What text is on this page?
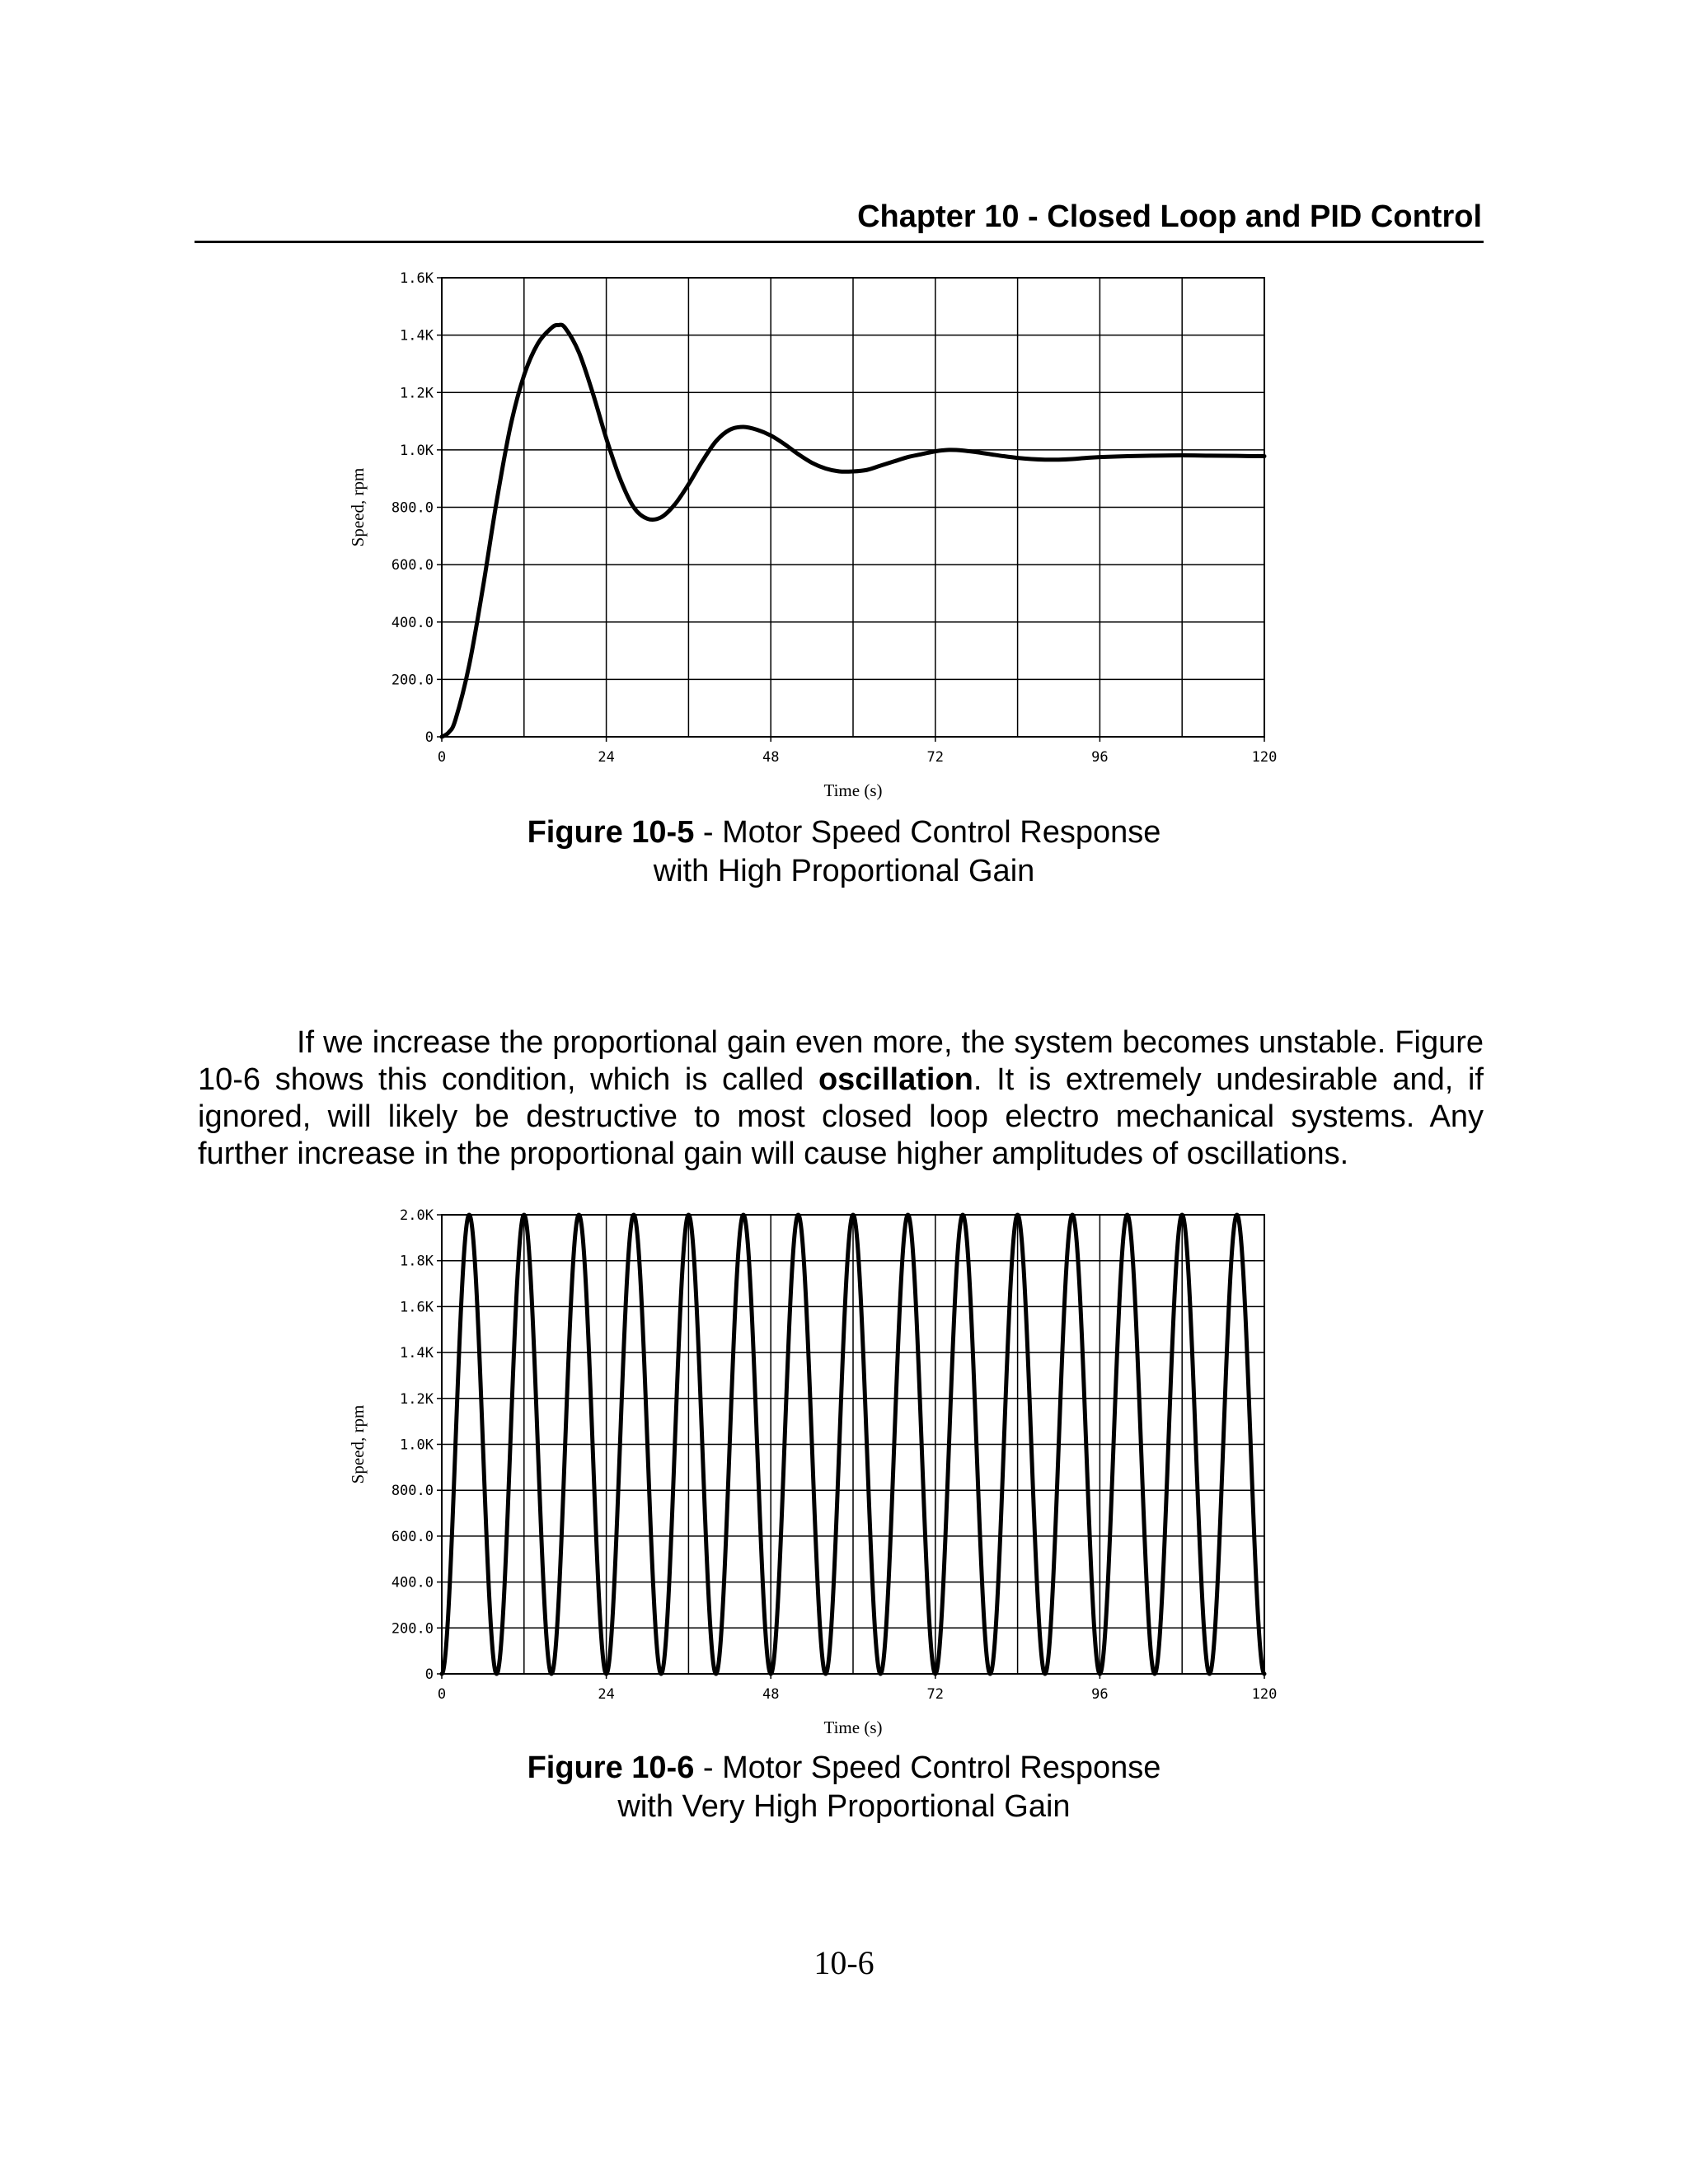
Chapter 10 - Closed Loop and PID Control
0
200.0
400.0
600.0
800.0
1.0K
1.2K
1.4K
1.6K
0	24	48	72	96	120
Time (s)
Speed, rpm
Figure 10-5 - Motor Speed Control Response
with High Proportional Gain
If we increase the proportional gain even more, the system becomes unstable. Figure 10-6 shows this condition, which is called oscillation. It is extremely undesirable and, if ignored, will likely be destructive to most closed loop electro mechanical systems. Any further increase in the proportional gain will cause higher amplitudes of oscillations.
0
200.0
400.0
600.0
800.0
1.0K
1.2K
1.4K
1.6K
1.8K
2.0K
0	24	48	72	96	120
Time (s)
Speed, rpm
Figure 10-6 - Motor Speed Control Response
with Very High Proportional Gain
10-6
